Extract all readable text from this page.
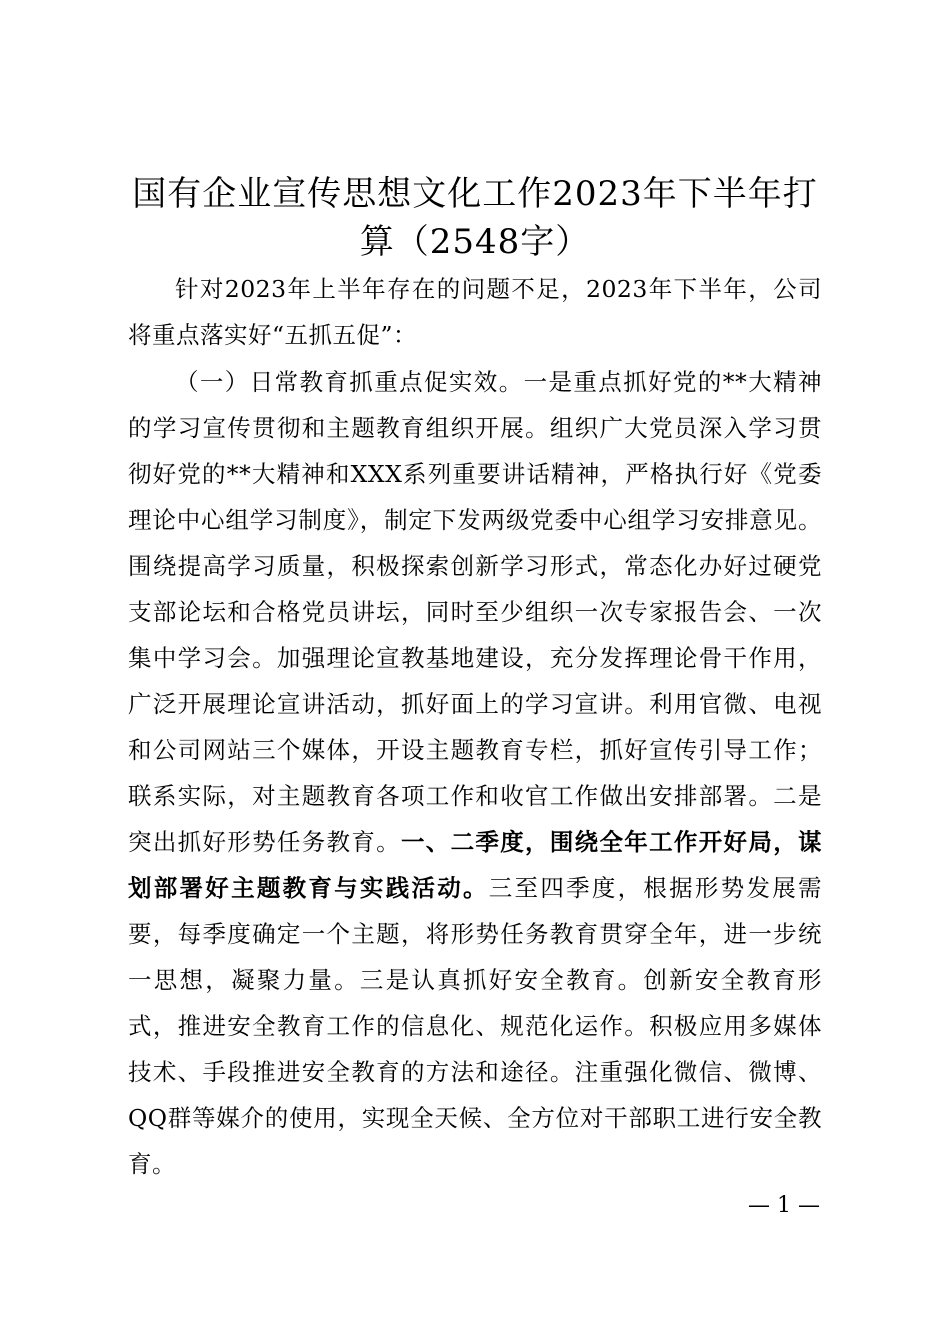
国有企业宣传思想文化工作2023年下半年打算（2548字）

针对2023年上半年存在的问题不足，2023年下半年，公司将重点落实好“五抓五促”：

（一）日常教育抓重点促实效。一是重点抓好党的**大精神的学习宣传贯彻和主题教育组织开展。组织广大党员深入学习贯彻好党的**大精神和XXX系列重要讲话精神，严格执行好《党委理论中心组学习制度》，制定下发两级党委中心组学习安排意见。围绕提高学习质量，积极探索创新学习形式，常态化办好过硬党支部论坛和合格党员讲坛，同时至少组织一次专家报告会、一次集中学习会。加强理论宣教基地建设，充分发挥理论骨干作用，广泛开展理论宣讲活动，抓好面上的学习宣讲。利用官微、电视和公司网站三个媒体，开设主题教育专栏，抓好宣传引导工作；联系实际，对主题教育各项工作和收官工作做出安排部署。二是突出抓好形势任务教育。一、二季度，围绕全年工作开好局，谋划部署好主题教育与实践活动。三至四季度，根据形势发展需要，每季度确定一个主题，将形势任务教育贯穿全年，进一步统一思想，凝聚力量。三是认真抓好安全教育。创新安全教育形式，推进安全教育工作的信息化、规范化运作。积极应用多媒体技术、手段推进安全教育的方法和途径。注重强化微信、微博、QQ群等媒介的使用，实现全天候、全方位对干部职工进行安全教育。

— 1 —
